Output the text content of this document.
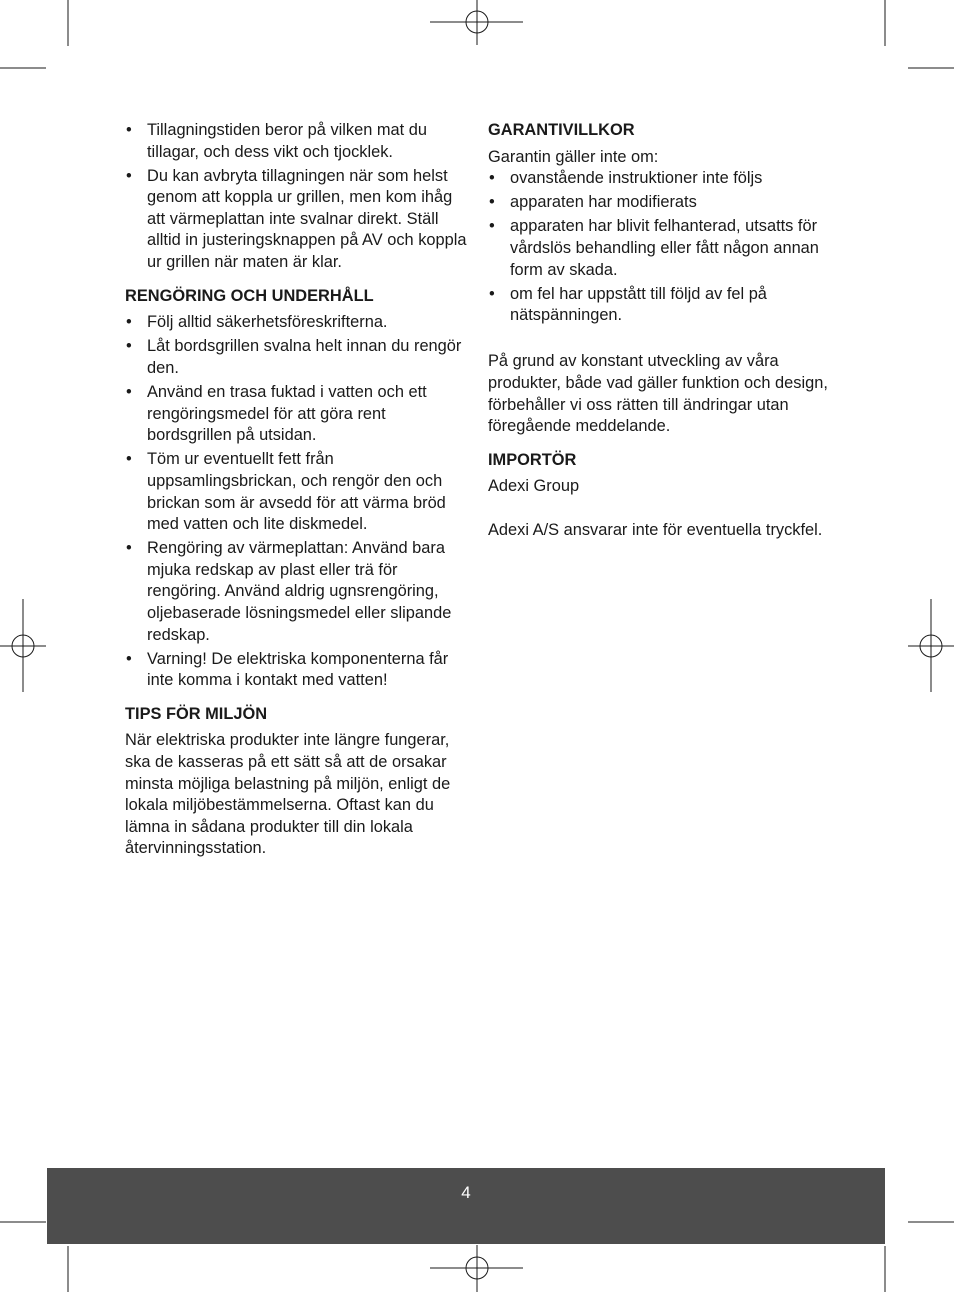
• Tillagningstiden beror på vilken mat du tillagar, och dess vikt och tjocklek.
• Du kan avbryta tillagningen när som helst genom att koppla ur grillen, men kom ihåg att värmeplattan inte svalnar direkt. Ställ alltid in justeringsknappen på AV och koppla ur grillen när maten är klar.
RENGÖRING OCH UNDERHÅLL
• Följ alltid säkerhetsföreskrifterna.
• Låt bordsgrillen svalna helt innan du rengör den.
• Använd en trasa fuktad i vatten och ett rengöringsmedel för att göra rent bordsgrillen på utsidan.
• Töm ur eventuellt fett från uppsamlingsbrickan, och rengör den och brickan som är avsedd för att värma bröd med vatten och lite diskmedel.
• Rengöring av värmeplattan: Använd bara mjuka redskap av plast eller trä för rengöring. Använd aldrig ugnsrengöring, oljebaserade lösningsmedel eller slipande redskap.
• Varning! De elektriska komponenterna får inte komma i kontakt med vatten!
TIPS FÖR MILJÖN

När elektriska produkter inte längre fungerar, ska de kasseras på ett sätt så att de orsakar minsta möjliga belastning på miljön, enligt de lokala miljöbestämmelserna. Oftast kan du lämna in sådana produkter till din lokala återvinningsstation.

GARANTIVILLKOR

Garantin gäller inte om:

• ovanstående instruktioner inte följs
• apparaten har modifierats
• apparaten har blivit felhanterad, utsatts för vårdslös behandling eller fått någon annan form av skada.
• om fel har uppstått till följd av fel på nätspänningen.

På grund av konstant utveckling av våra produkter, både vad gäller funktion och design, förbehåller vi oss rätten till ändringar utan föregående meddelande.

IMPORTÖR

Adexi Group

Adexi A/S ansvarar inte för eventuella tryckfel.

4
